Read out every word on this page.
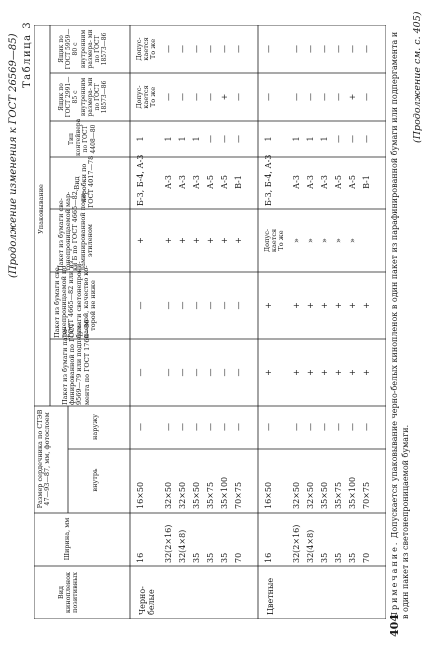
404
(Продолжение изменения к ГОСТ 26569—85) Таблица 3
Вид кинопленок позитивных
Ширина, мм
Размер сердечника по СТЭВ 47—93—87, мм, фотослоем	внутрь
наружу
Упаковывание
Пакет из бумаги пара-
финированной по ГОСТ
9569—79 или подперга-
мента по ГОСТ 1760—86
Пакет из бумаги све-
тонепроницаемой по
ГОСТ 4665—82 или из
бумаги светонепрони-
цаемой, качество ко-
торой не ниже
Пакет из бумаги све-
тонепроницаемой мар-
ки Б по ГОСТ 4665—82,
ламинированной поли-
этиленом
Вид
коробки по
ГОСТ 4017—78
Тип контейнера по ГОСТ 4408—80
Ящик по ГОСТ 2991—85 с внутренним размера- ми по ГОСТ 18573—86
Ящик по ГОСТ 5959—80 с внутренним размера- ми по ГОСТ 18573—86
Черно-
белые	Цветные
16 32(2×16) 32(4×8) 35 35 35 70
16×50 32×50 32×50 35×50 35×75 35×100 70×75
— — — — — — —
— — — — — — —
— — — — — — —
+ + + + + + +
Б-3, Б-4, А-3 А-3 А-3 А-3 А-5 А-5 В-1
1 1 1 1 — — —
Допус-
кается
То же
— — — — + —
Допус-
кается
То же
— — — — — —
16 32(2×16) 32(4×8) 35 35 35 70
16×50 32×50 32×50 35×50 35×75 35×100 70×75
— — — — — — —
+ + + + + + +
+ + + + + + +
Допус-
кается
То же
» » » » »
Б-3, Б-4, А-3 А-3 А-3 А-3 А-5 А-5 В-1
1 1 1 1 — — —
— — — — — + —
— — — — — — —
Примечание. Допускается упаковывание черно-белых кинопленок в один пакет из парафинированной бумаги или подпергамента и в один пакет из светонепроницаемой бумаги.
(Продолжение см. с. 405)
